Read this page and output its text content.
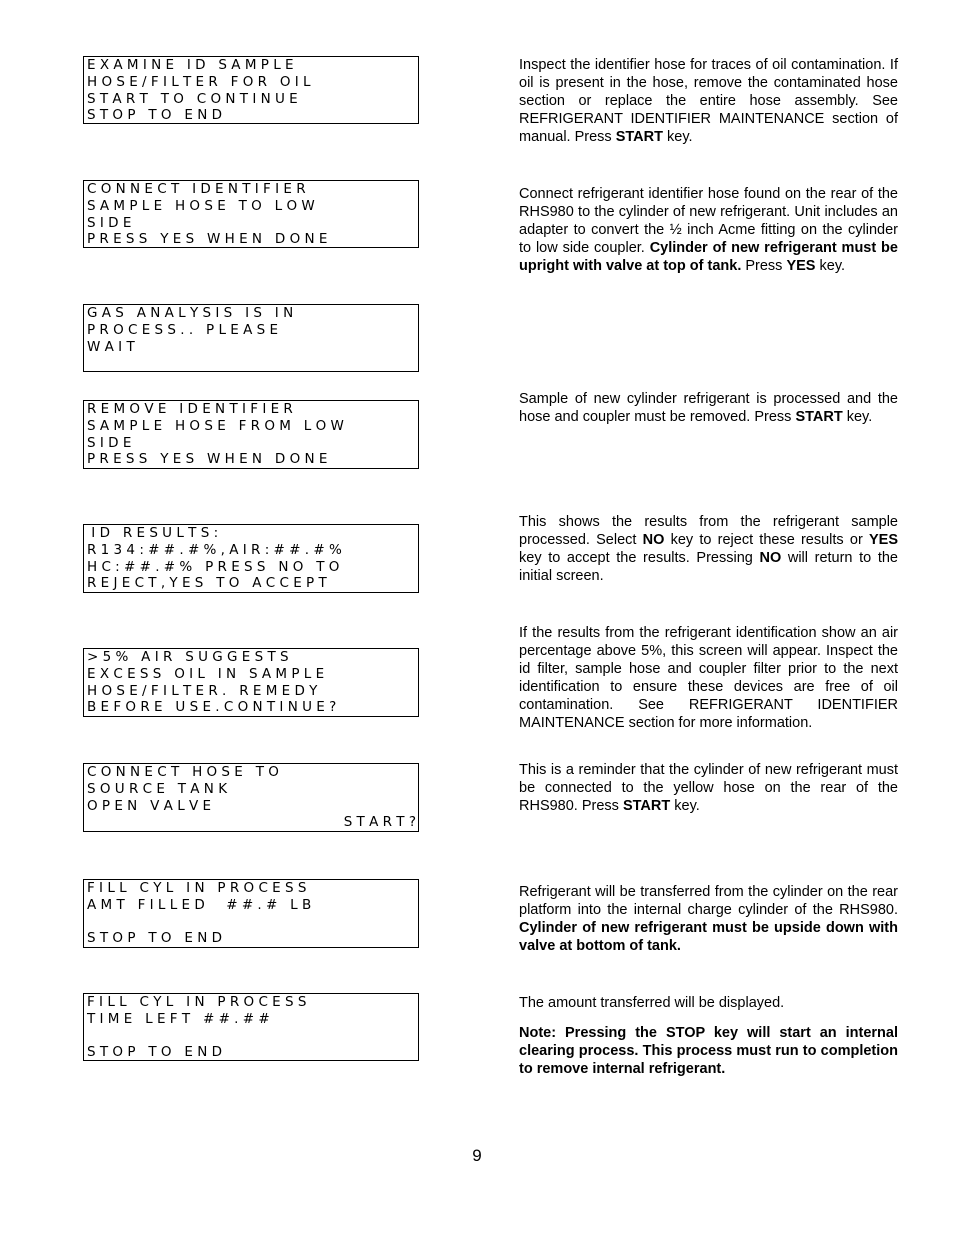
E X A M I N E   I D   S A M P L E
H O S E / F I L T E R   F O R   O I L
S T A R T   T O   C O N T I N U E
S T O P   T O   E N D
C O N N E C T   I D E N T I F I E R
S A M P L E   H O S E   T O   L O W
S I D E
P R E S S   Y E S   W H E N   D O N E
G A S   A N A L Y S I S   I S   I N
P R O C E S S . .   P L E A S E
W A I T
R E M O V E   I D E N T I F I E R
S A M P L E   H O S E   F R O M   L O W
S I D E
P R E S S   Y E S   W H E N   D O N E
I D   R E S U L T S :
R 1 3 4 : # # . # % , A I R : # # . # %
H C : # # . # %   P R E S S   N O   T O
R E J E C T , Y E S   T O   A C C E P T
> 5 %   A I R   S U G G E S T S
E X C E S S   O I L   I N   S A M P L E
H O S E / F I L T E R .   R E M E D Y
B E F O R E   U S E . C O N T I N U E ?
C O N N E C T   H O S E   T O
S O U R C E   T A N K
O P E N   V A L V E
S T A R T ?
F I L L   C Y L   I N   P R O C E S S
A M T   F I L L E D     # # . #   L B
S T O P   T O   E N D
F I L L   C Y L   I N   P R O C E S S
T I M E   L E F T   # # . # #
S T O P   T O   E N D

Inspect the identifier hose for traces of oil contamination. If oil is present in the hose, remove the contaminated hose section or replace the entire hose assembly. See REFRIGERANT IDENTIFIER MAINTENANCE section of manual. Press START key.

Connect refrigerant identifier hose found on the rear of the RHS980 to the cylinder of new refrigerant. Unit includes an adapter to convert the ½ inch Acme fitting on the cylinder to low side coupler. Cylinder of new refrigerant must be upright with valve at top of tank. Press YES key.

Sample of new cylinder refrigerant is processed and the hose and coupler must be removed. Press START key.

This shows the results from the refrigerant sample processed. Select NO key to reject these results or YES key to accept the results. Pressing NO will return to the initial screen.

If the results from the refrigerant identification show an air percentage above 5%, this screen will appear. Inspect the id filter, sample hose and coupler filter prior to the next identification to ensure these devices are free of oil contamination. See REFRIGERANT IDENTIFIER MAINTENANCE section for more information.

This is a reminder that the cylinder of new refrigerant must be connected to the yellow hose on the rear of the RHS980. Press START key.

Refrigerant will be transferred from the cylinder on the rear platform into the internal charge cylinder of the RHS980. Cylinder of new refrigerant must be upside down with valve at bottom of tank.

The amount transferred will be displayed.

Note: Pressing the STOP key will start an internal clearing process. This process must run to completion to remove internal refrigerant.

9
